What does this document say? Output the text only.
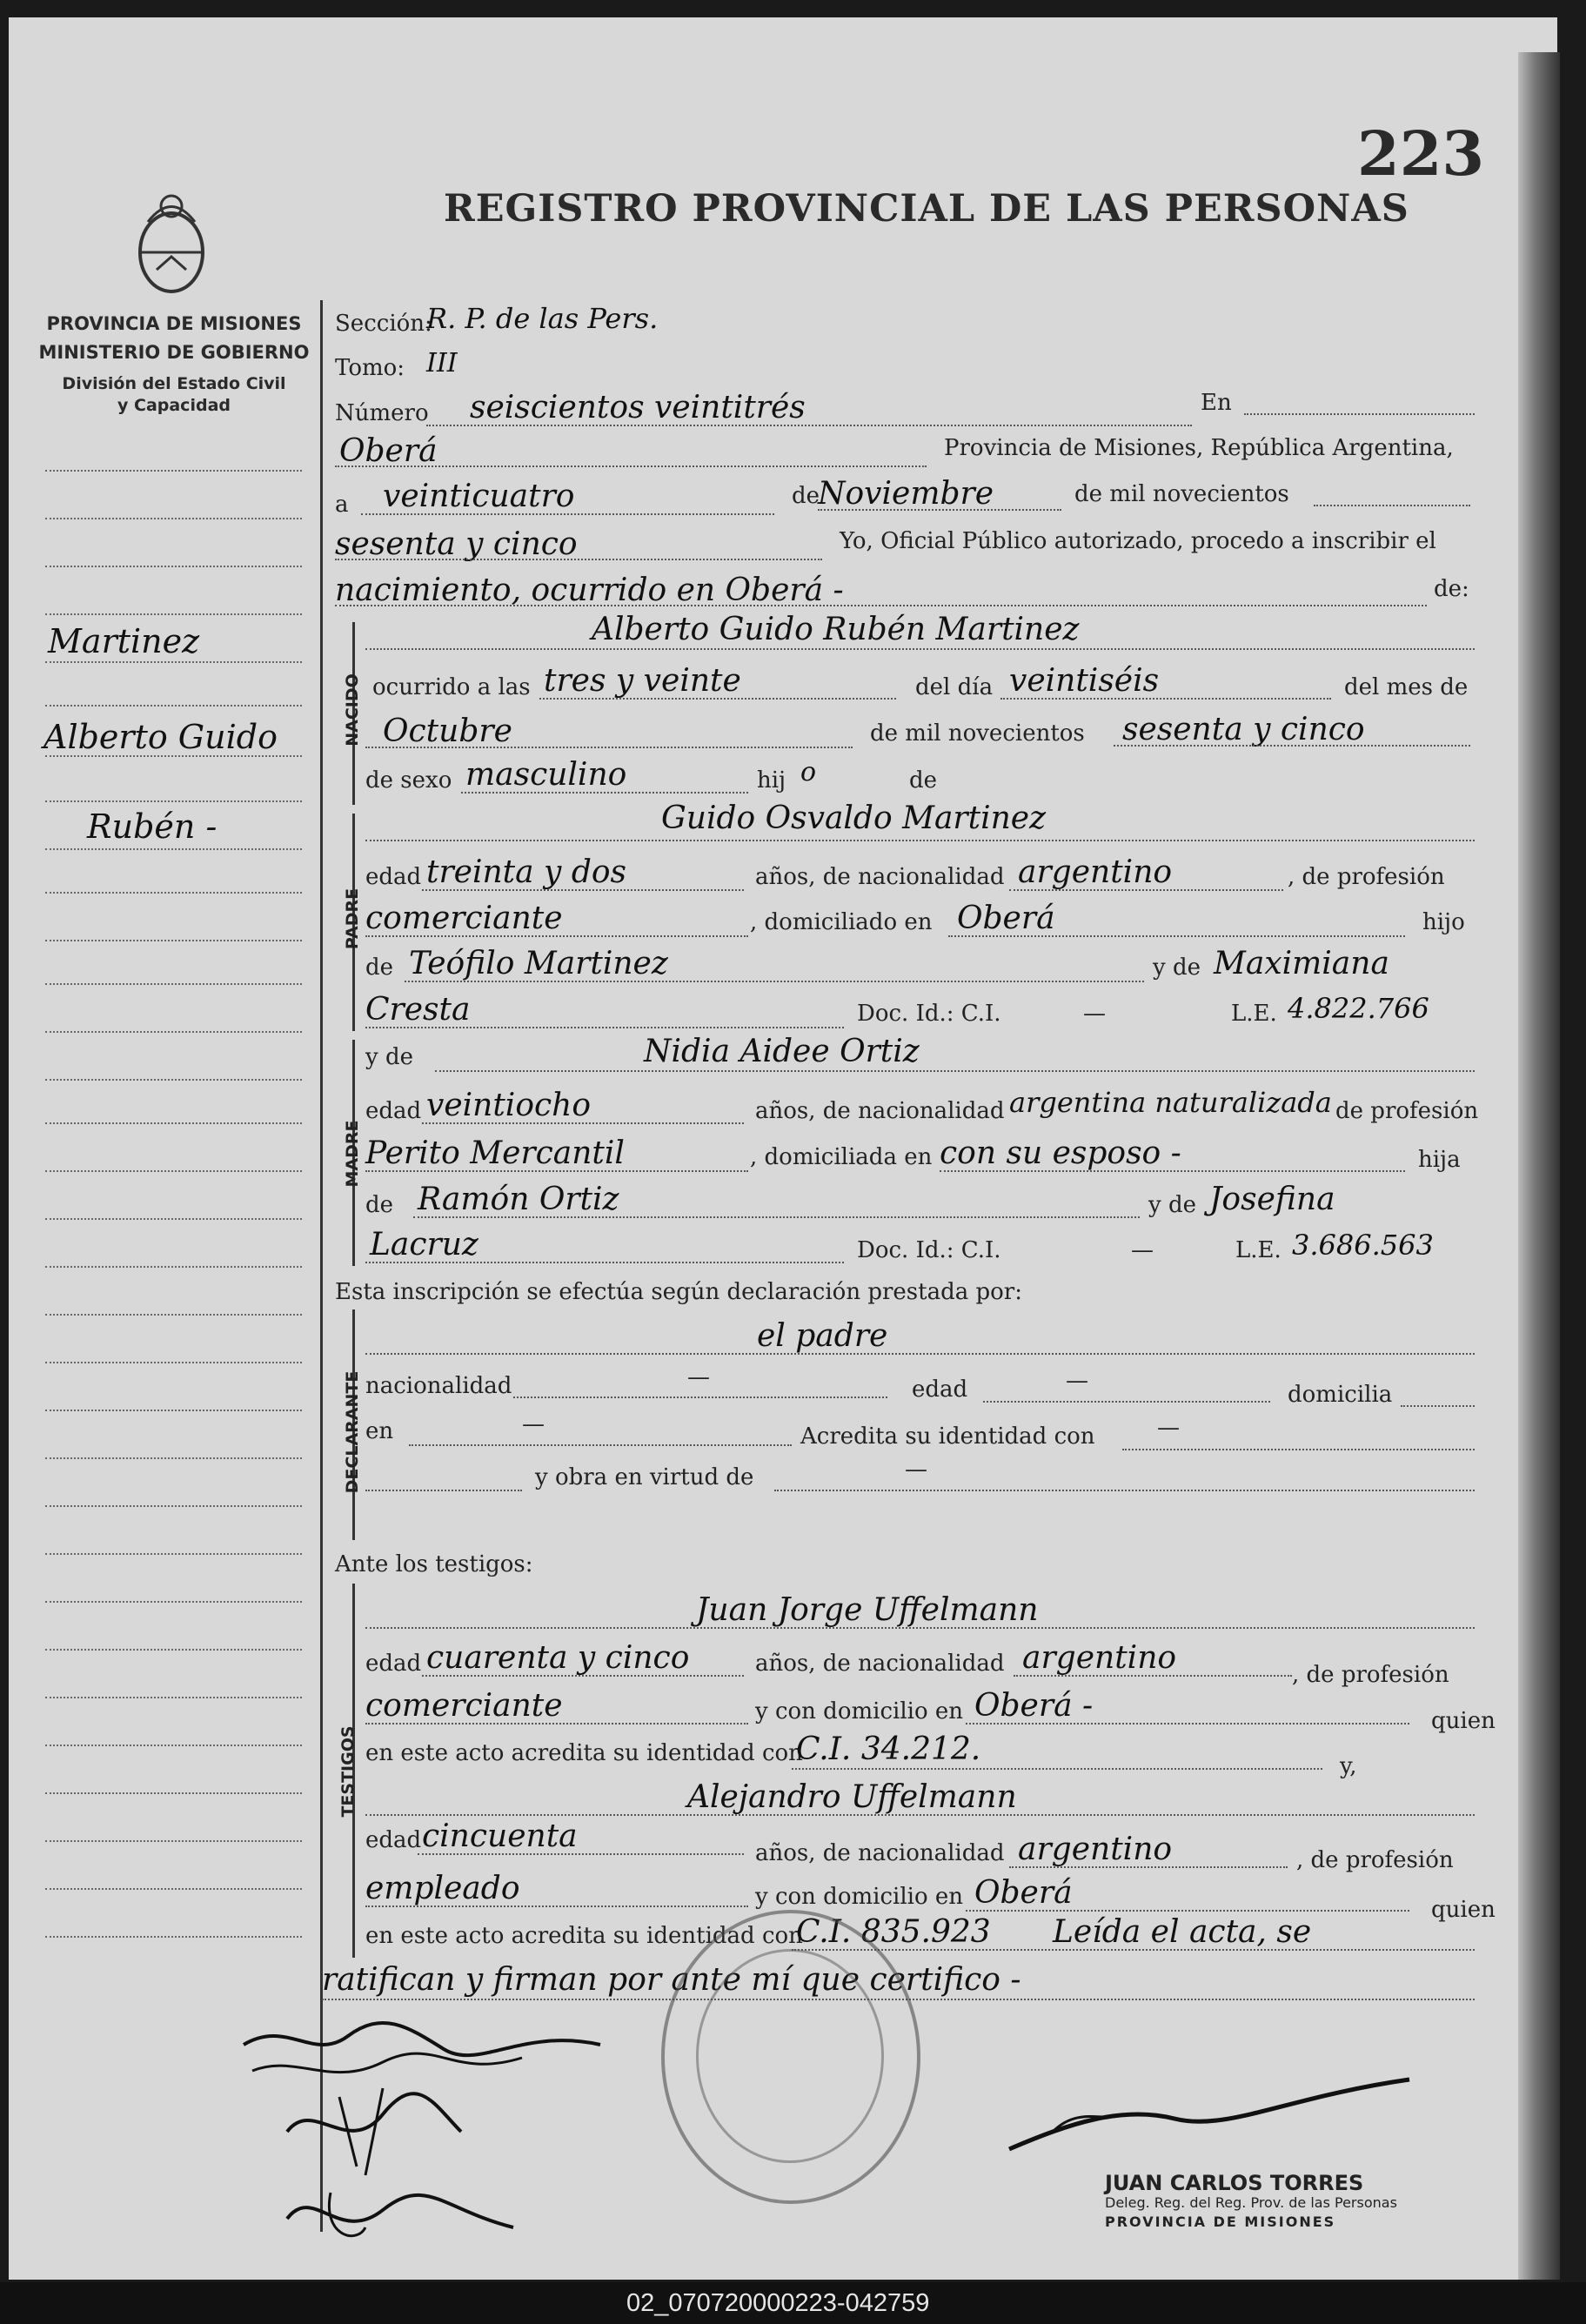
223
REGISTRO PROVINCIAL DE LAS PERSONAS
PROVINCIA DE MISIONES
MINISTERIO DE GOBIERNO
División del Estado Civil
y Capacidad
Martinez
Alberto Guido
Rubén -
Sección:
R. P. de las Pers.
Tomo: III
Número seiscientos veintitrés	En
Oberá	Provincia de Misiones, República Argentina,
a veinticuatro	de
Noviembre	de mil novecientos
sesenta y cinco	Yo, Oficial Público autorizado, procedo a inscribir el
nacimiento, ocurrido en Oberá -	de:
NACIDO
Alberto Guido Rubén Martinez
ocurrido a las tres y veinte	del día veintiséis	del mes de
Octubre	de mil novecientos sesenta y cinco
de sexo masculino	hij o	de
PADRE
Guido Osvaldo Martinez
edad treinta y dos	años, de nacionalidad argentino	, de profesión
comerciante	, domiciliado en Oberá	hijo
de Teófilo Martinez	y de Maximiana
Cresta	Doc. Id.: C.I.	—	L.E. 4.822.766
MADRE
y de	Nidia Aidee Ortiz
edad veintiocho	años, de nacionalidad argentina naturalizada de profesión
Perito Mercantil	, domiciliada en con su esposo -	hija
de Ramón Ortiz	y de Josefina
Lacruz	Doc. Id.: C.I.	—	L.E. 3.686.563
Esta inscripción se efectúa según declaración prestada por:
DECLARANTE
el padre
nacionalidad	—	edad	—
domicilia
en	—	Acredita su identidad con	—
y obra en virtud de	—
Ante los testigos:
TESTIGOS
Juan Jorge Uffelmann
edad cuarenta y cinco	años, de nacionalidad argentino	, de profesión
comerciante	y con domicilio en Oberá -	quien
en este acto acredita su identidad con
C.I. 34.212.	y,
Alejandro Uffelmann
edad cincuenta	años, de nacionalidad argentino	, de profesión
empleado	y con domicilio en Oberá	quien
en este acto acredita su identidad con
C.I. 835.923 Leída el acta, se
ratifican y firman por ante mí que certifico -
JUAN CARLOS TORRES
Deleg. Reg. del Reg. Prov. de las Personas
PROVINCIA DE MISIONES
02_070720000223-042759
